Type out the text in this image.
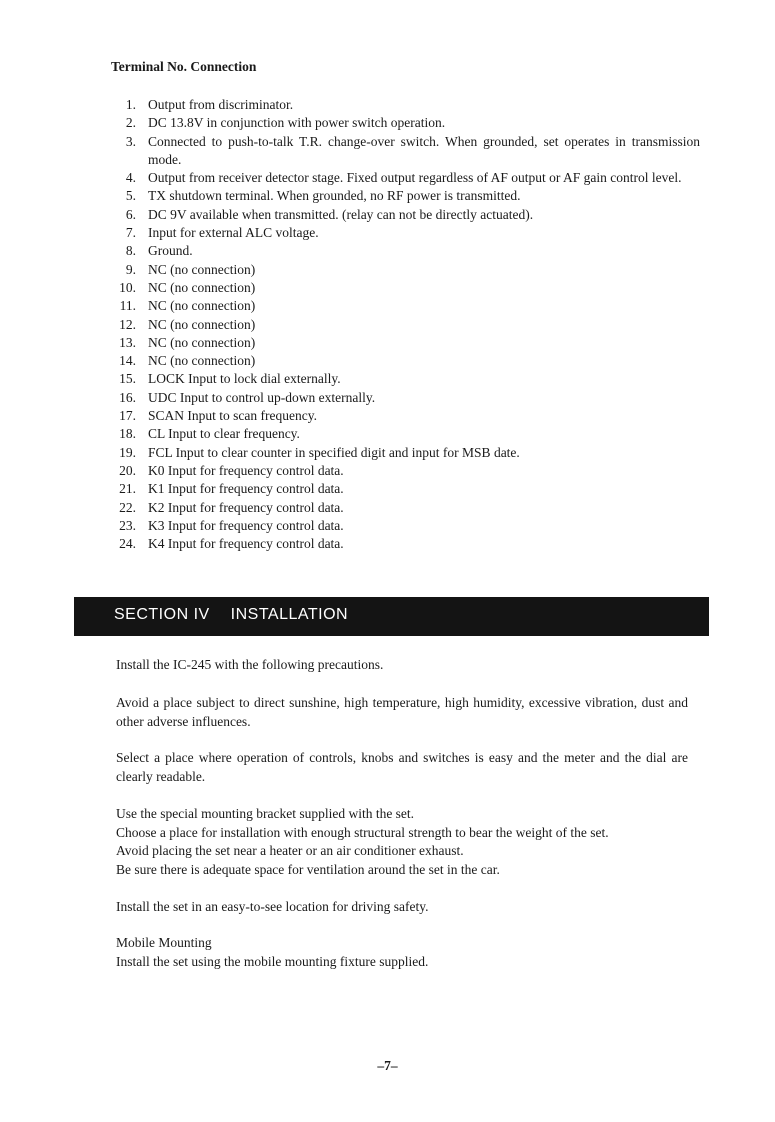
Terminal No. Connection
1. Output from discriminator.
2. DC 13.8V in conjunction with power switch operation.
3. Connected to push-to-talk T.R. change-over switch. When grounded, set operates in transmission mode.
4. Output from receiver detector stage. Fixed output regardless of AF output or AF gain control level.
5. TX shutdown terminal. When grounded, no RF power is transmitted.
6. DC 9V available when transmitted. (relay can not be directly actuated).
7. Input for external ALC voltage.
8. Ground.
9. NC (no connection)
10. NC (no connection)
11. NC (no connection)
12. NC (no connection)
13. NC (no connection)
14. NC (no connection)
15. LOCK Input to lock dial externally.
16. UDC Input to control up-down externally.
17. SCAN Input to scan frequency.
18. CL Input to clear frequency.
19. FCL Input to clear counter in specified digit and input for MSB date.
20. K0 Input for frequency control data.
21. K1 Input for frequency control data.
22. K2 Input for frequency control data.
23. K3 Input for frequency control data.
24. K4 Input for frequency control data.
SECTION IV INSTALLATION

Install the IC-245 with the following precautions.

Avoid a place subject to direct sunshine, high temperature, high humidity, excessive vibration, dust and other adverse influences.

Select a place where operation of controls, knobs and switches is easy and the meter and the dial are clearly readable.

Use the special mounting bracket supplied with the set.
Choose a place for installation with enough structural strength to bear the weight of the set.
Avoid placing the set near a heater or an air conditioner exhaust.
Be sure there is adequate space for ventilation around the set in the car.

Install the set in an easy-to-see location for driving safety.

Mobile Mounting
Install the set using the mobile mounting fixture supplied.
–7–
